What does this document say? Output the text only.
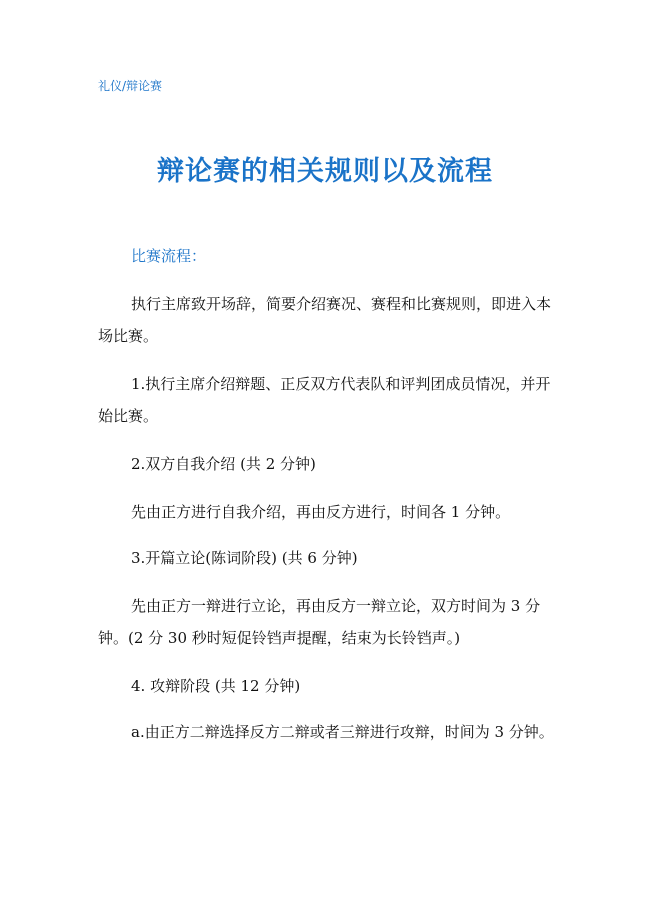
礼仪/辩论赛
辩论赛的相关规则以及流程
比赛流程：
执行主席致开场辞，简要介绍赛况、赛程和比赛规则，即进入本场比赛。
1.执行主席介绍辩题、正反双方代表队和评判团成员情况，并开始比赛。
2.双方自我介绍 (共 2 分钟)
先由正方进行自我介绍，再由反方进行，时间各 1 分钟。
3.开篇立论(陈词阶段) (共 6 分钟)
先由正方一辩进行立论，再由反方一辩立论，双方时间为 3 分钟。(2 分 30 秒时短促铃铛声提醒，结束为长铃铛声。)
4. 攻辩阶段 (共 12 分钟)
a.由正方二辩选择反方二辩或者三辩进行攻辩，时间为 3 分钟。
